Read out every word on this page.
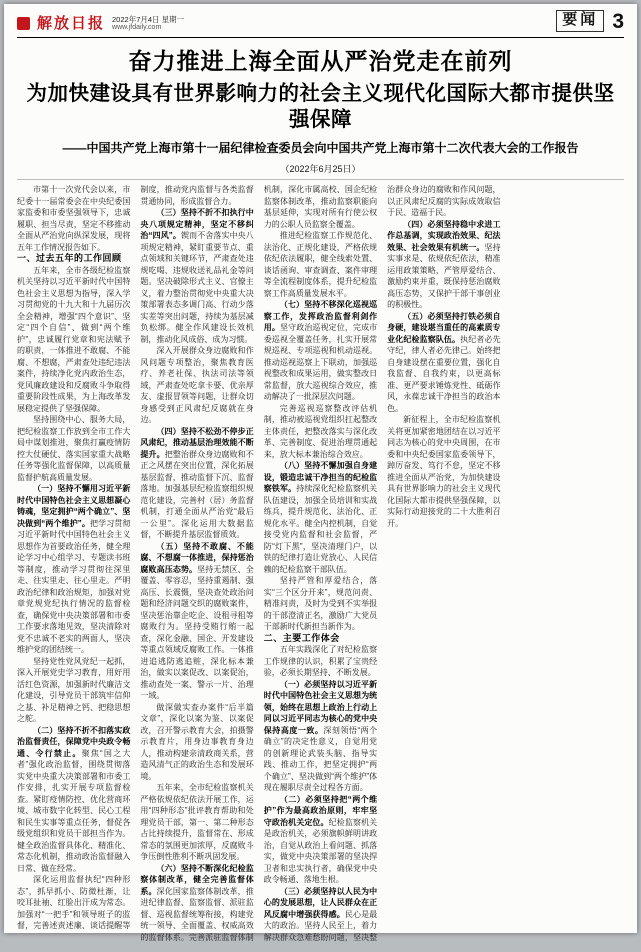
解放日报 2022年7月4日 星期一
www.jfdaily.com	要闻 3
奋力推进上海全面从严治党走在前列
为加快建设具有世界影响力的社会主义现代化国际大都市提供坚强保障
——中国共产党上海市第十一届纪律检查委员会向中国共产党上海市第十二次代表大会的工作报告
（2022年6月25日）

市第十一次党代会以来，市纪委十一届常委会在中央纪委国家监委和市委坚强领导下，忠诚履职、担当尽责，坚定不移推动全面从严治党向纵深发展，现将五年工作情况报告如下。

一、过去五年的工作回顾

五年来，全市各级纪检监察机关坚持以习近平新时代中国特色社会主义思想为指导，深入学习贯彻党的十九大和十九届历次全会精神，增强“四个意识”、坚定“四个自信”、做到“两个维护”，忠诚履行党章和宪法赋予的职责，一体推进不敢腐、不能腐、不想腐，严肃查处违纪违法案件，持续净化党内政治生态，党风廉政建设和反腐败斗争取得重要阶段性成果，为上海改革发展稳定提供了坚强保障。

坚持围绕中心、服务大局，把纪检监察工作放到全市工作大局中谋划推进，聚焦打赢疫情防控大仗硬仗、落实国家重大战略任务等强化监督保障，以高质量监督护航高质量发展。

（一）坚持不懈用习近平新时代中国特色社会主义思想凝心铸魂，坚定拥护“两个确立”、坚决做到“两个维护”。把学习贯彻习近平新时代中国特色社会主义思想作为首要政治任务，健全理论学习中心组学习、专题读书班等制度，推动学习贯彻往深里走、往实里走、往心里走。严明政治纪律和政治规矩，加强对党章党规党纪执行情况的监督检查，确保党中央决策部署和市委工作要求落地见效，坚决清除对党不忠诚不老实的两面人，坚决维护党的团结统一。

坚持党性党风党纪一起抓，深入开展党史学习教育，用好用活红色资源，加强新时代廉洁文化建设，引导党员干部筑牢信仰之基、补足精神之钙、把稳思想之舵。

（二）坚持不折不扣落实政治监督责任，保障党中央政令畅通、令行禁止。聚焦“国之大者”强化政治监督，围绕贯彻落实党中央重大决策部署和市委工作安排，扎实开展专项监督检查。紧盯疫情防控、优化营商环境、城市数字化转型、民心工程和民生实事等重点任务，督促各级党组织和党员干部担当作为。健全政治监督具体化、精准化、常态化机制，推动政治监督融入日常、做在经常。

深化运用监督执纪“四种形态”，抓早抓小、防微杜渐，让咬耳扯袖、红脸出汗成为常态。加强对“一把手”和领导班子的监督，完善述责述廉、谈话提醒等制度，推动党内监督与各类监督贯通协同，形成监督合力。

（三）坚持不折不扣执行中央八项规定精神，坚定不移纠治“四风”。锲而不舍落实中央八项规定精神，紧盯重要节点、重点领域和关键环节，严肃查处违规吃喝、违规收送礼品礼金等问题。坚决破除形式主义、官僚主义，着力整治贯彻党中央重大决策部署表态多调门高、行动少落实差等突出问题，持续为基层减负松绑。健全作风建设长效机制，推动化风成俗、成为习惯。

深入开展群众身边腐败和作风问题专项整治，聚焦教育医疗、养老社保、执法司法等领域，严肃查处吃拿卡要、优亲厚友、虚报冒领等问题，让群众切身感受到正风肃纪反腐就在身边。

（四）坚持不松劲不停步正风肃纪，推动基层治理效能不断提升。把整治群众身边腐败和不正之风摆在突出位置，深化拓展基层监督，推动监督下沉、监督落地。加强基层纪检监察组织规范化建设，完善村（居）务监督机制，打通全面从严治党“最后一公里”。深化运用大数据监督，不断提升基层监督质效。

（五）坚持不敢腐、不能腐、不想腐一体推进，保持惩治腐败高压态势。坚持无禁区、全覆盖、零容忍，坚持重遏制、强高压、长震慑，坚决查处政治问题和经济问题交织的腐败案件，坚决惩治靠企吃企、设租寻租等腐败行为。坚持受贿行贿一起查，深化金融、国企、开发建设等重点领域反腐败工作。一体推进追逃防逃追赃，深化标本兼治，做实以案促改、以案促治，推动查处一案、警示一片、治理一域。

做深做实查办案件“后半篇文章”，深化以案为鉴、以案促改，召开警示教育大会，拍摄警示教育片，用身边事教育身边人，推动构建亲清政商关系，营造风清气正的政治生态和发展环境。

五年来，全市纪检监察机关严格依规依纪依法开展工作，运用“四种形态”批评教育帮助和处理党员干部，第一、第二种形态占比持续提升，监督常在、形成常态的氛围更加浓厚，反腐败斗争压倒性胜利不断巩固发展。

（六）坚持不断深化纪检监察体制改革，健全完善监督体系。深化国家监察体制改革，推进纪律监督、监察监督、派驻监督、巡视监督统筹衔接，构建党统一领导、全面覆盖、权威高效的监督体系。完善派驻监督体制机制，深化市属高校、国企纪检监察体制改革，推动监察职能向基层延伸，实现对所有行使公权力的公职人员监察全覆盖。

推进纪检监察工作规范化、法治化、正规化建设，严格依规依纪依法履职，健全线索处置、谈话函询、审查调查、案件审理等全流程制度体系，提升纪检监察工作高质量发展水平。

（七）坚持不移深化巡视巡察工作，发挥政治监督利剑作用。坚守政治巡视定位，完成市委巡视全覆盖任务，扎实开展常规巡视、专项巡视和机动巡视。推动巡视巡察上下联动，加强巡视整改和成果运用，做实整改日常监督，放大巡视综合效应，推动解决了一批深层次问题。

完善巡视巡察整改评估机制，推动被巡视党组织扛起整改主体责任，把整改落实与深化改革、完善制度、促进治理贯通起来，放大标本兼治综合效应。

（八）坚持不懈加强自身建设，锻造忠诚干净担当的纪检监察铁军。持续深化纪检监察机关队伍建设，加强全员培训和实战练兵，提升规范化、法治化、正规化水平。健全内控机制，自觉接受党内监督和社会监督，严防“灯下黑”，坚决清理门户，以铁的纪律打造让党放心、人民信赖的纪检监察干部队伍。

坚持严管和厚爱结合，落实“三个区分开来”，规范问责、精准问责，及时为受到不实举报的干部澄清正名，激励广大党员干部新时代新担当新作为。

二、主要工作体会

五年实践深化了对纪检监察工作规律的认识，积累了宝贵经验，必须长期坚持、不断发展。

（一）必须坚持以习近平新时代中国特色社会主义思想为统领，始终在思想上政治上行动上同以习近平同志为核心的党中央保持高度一致。深刻领悟“两个确立”的决定性意义，自觉用党的创新理论武装头脑、指导实践、推动工作，把坚定拥护“两个确立”、坚决做到“两个维护”体现在履职尽责全过程各方面。

（二）必须坚持把“两个维护”作为最高政治原则，牢牢坚守政治机关定位。纪检监察机关是政治机关，必须旗帜鲜明讲政治，自觉从政治上看问题、抓落实，做党中央决策部署的坚决捍卫者和忠实执行者，确保党中央政令畅通、落地生根。

（三）必须坚持以人民为中心的发展思想，让人民群众在正风反腐中增强获得感。民心是最大的政治。坚持人民至上，着力解决群众急难愁盼问题，坚决整治群众身边的腐败和作风问题，以正风肃纪反腐的实际成效取信于民、造福于民。

（四）必须坚持稳中求进工作总基调，实现政治效果、纪法效果、社会效果有机统一。坚持实事求是、依规依纪依法，精准运用政策策略，严管厚爱结合、激励约束并重，既保持惩治腐败高压态势，又保护干部干事创业的积极性。

（五）必须坚持打铁必须自身硬，建设堪当重任的高素质专业化纪检监察队伍。执纪者必先守纪，律人者必先律己。始终把自身建设摆在重要位置，强化自我监督、自我约束，以更高标准、更严要求锤炼党性、砥砺作风，永葆忠诚干净担当的政治本色。

新征程上，全市纪检监察机关将更加紧密地团结在以习近平同志为核心的党中央周围，在市委和中央纪委国家监委领导下，踔厉奋发、笃行不怠，坚定不移推进全面从严治党，为加快建设具有世界影响力的社会主义现代化国际大都市提供坚强保障，以实际行动迎接党的二十大胜利召开。
